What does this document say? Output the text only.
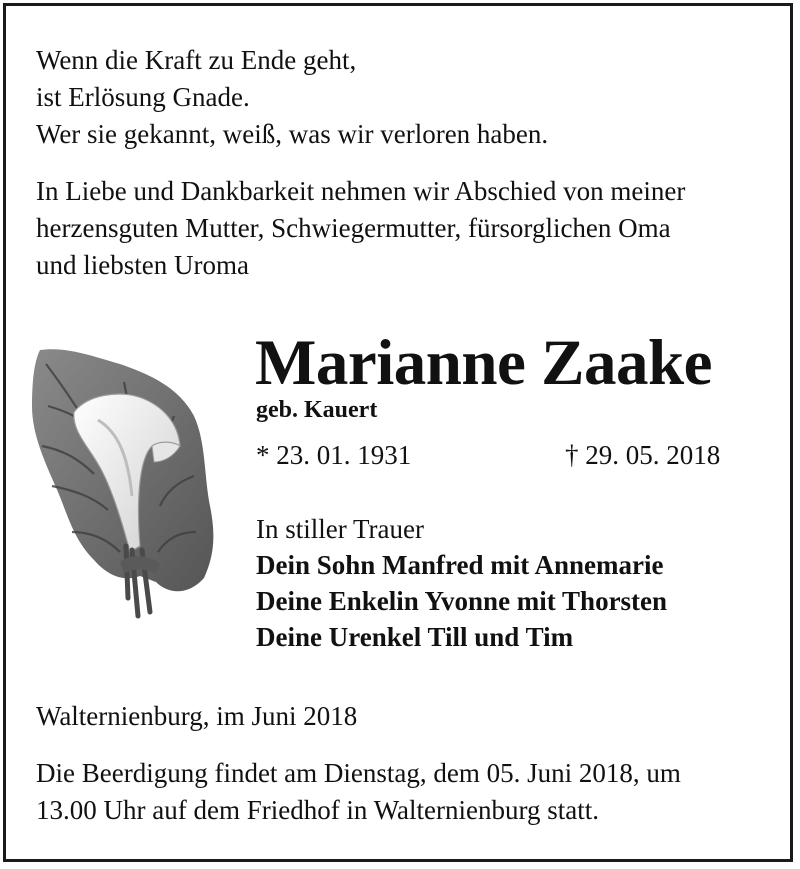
Wenn die Kraft zu Ende geht,
ist Erlösung Gnade.
Wer sie gekannt, weiß, was wir verloren haben.
In Liebe und Dankbarkeit nehmen wir Abschied von meiner
herzensguten Mutter, Schwiegermutter, fürsorglichen Oma
und liebsten Uroma
Marianne Zaake
geb. Kauert
* 23. 01. 1931	† 29. 05. 2018
In stiller Trauer
Dein Sohn Manfred mit Annemarie
Deine Enkelin Yvonne mit Thorsten
Deine Urenkel Till und Tim
Walternienburg, im Juni 2018
Die Beerdigung findet am Dienstag, dem 05. Juni 2018, um
13.00 Uhr auf dem Friedhof in Walternienburg statt.
